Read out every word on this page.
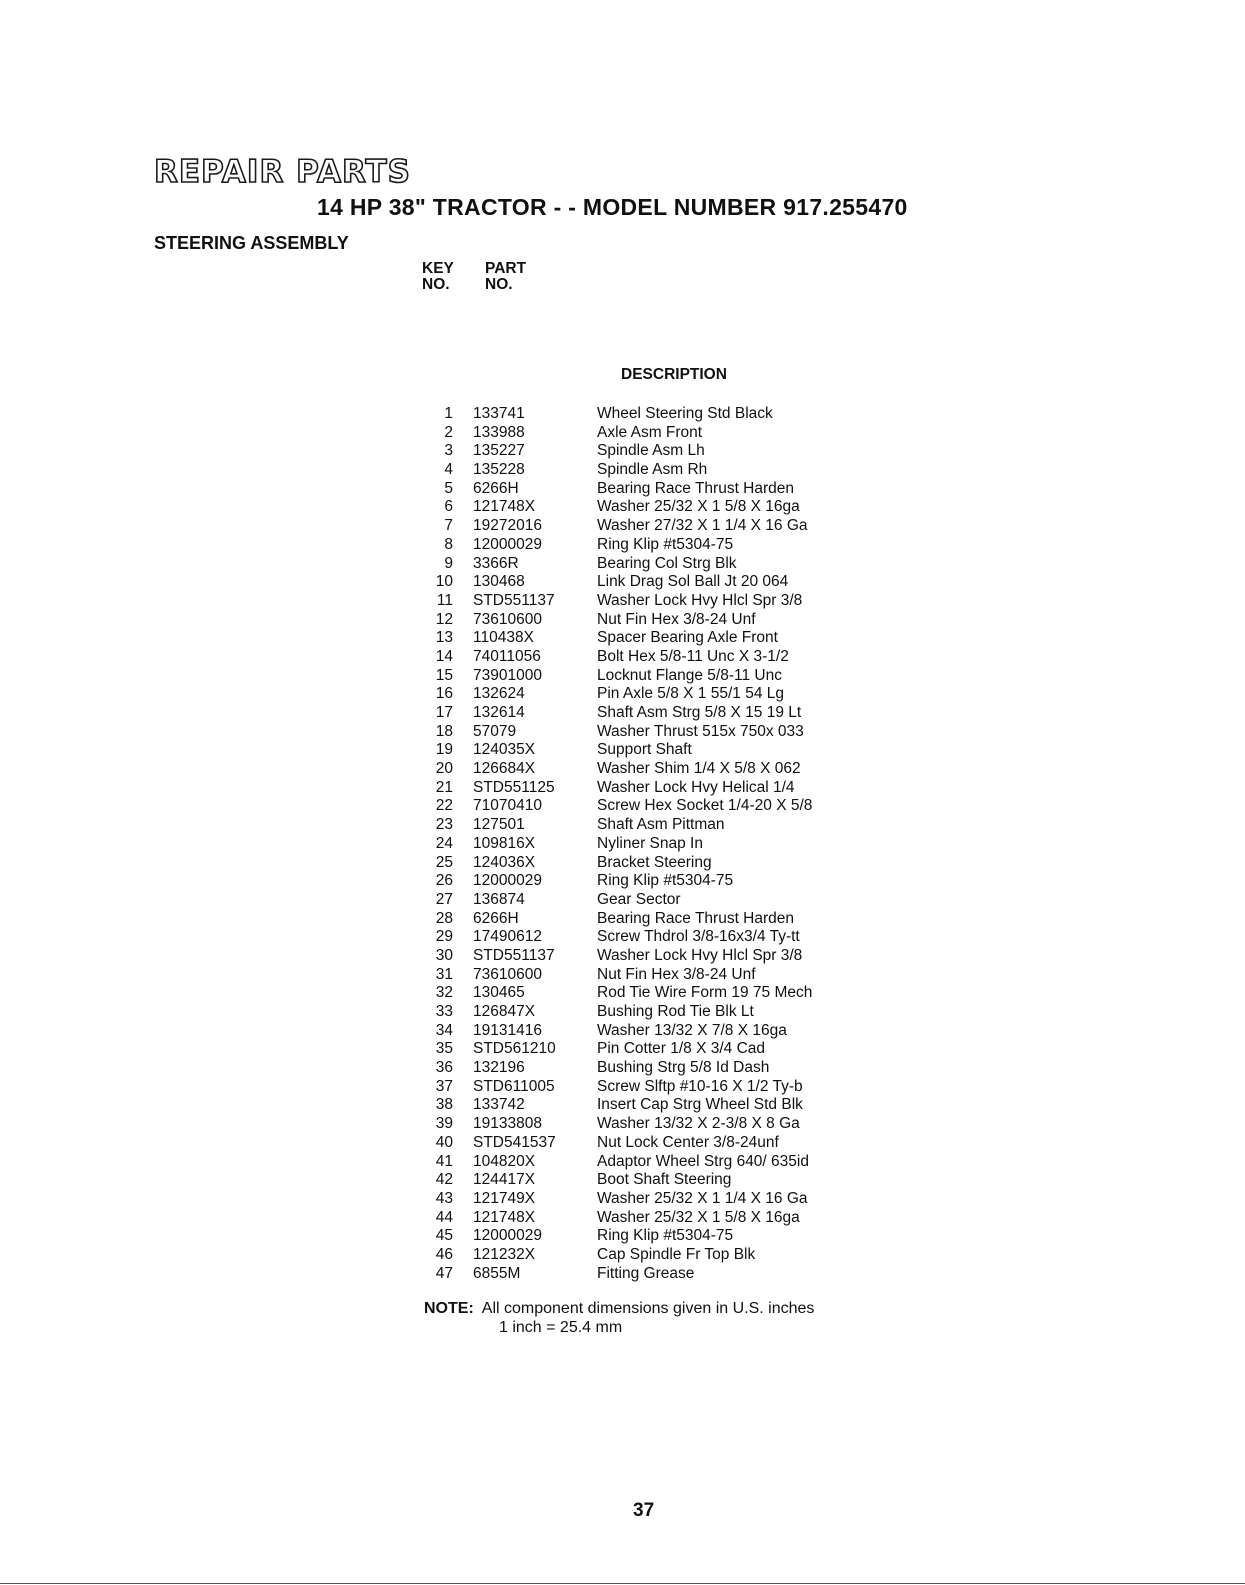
REPAIR PARTS
14 HP 38" TRACTOR - - MODEL NUMBER 917.255470
STEERING ASSEMBLY
KEY
NO.
PART
NO.
DESCRIPTION
1 133741	Wheel Steering Std Black
2 133988	Axle Asm Front
3 135227	Spindle Asm Lh
4 135228	Spindle Asm Rh
5 6266H	Bearing Race Thrust Harden
6 121748X	Washer 25/32 X 1 5/8 X 16ga
7 19272016	Washer 27/32 X 1 1/4 X 16 Ga
8 12000029	Ring Klip #t5304-75
9 3366R	Bearing Col Strg Blk
10 130468	Link Drag Sol Ball Jt 20 064
11 STD551137	Washer Lock Hvy Hlcl Spr 3/8
12 73610600	Nut Fin Hex 3/8-24 Unf
13 110438X	Spacer Bearing Axle Front
14 74011056	Bolt Hex 5/8-11 Unc X 3-1/2
15 73901000	Locknut Flange 5/8-11 Unc
16 132624	Pin Axle 5/8 X 1 55/1 54 Lg
17 132614	Shaft Asm Strg 5/8 X 15 19 Lt
18 57079	Washer Thrust 515x 750x 033
19 124035X	Support Shaft
20 126684X	Washer Shim 1/4 X 5/8 X 062
21 STD551125	Washer Lock Hvy Helical 1/4
22 71070410	Screw Hex Socket 1/4-20 X 5/8
23 127501	Shaft Asm Pittman
24 109816X	Nyliner Snap In
25 124036X	Bracket Steering
26 12000029	Ring Klip #t5304-75
27 136874	Gear Sector
28 6266H	Bearing Race Thrust Harden
29 17490612	Screw Thdrol 3/8-16x3/4 Ty-tt
30 STD551137	Washer Lock Hvy Hlcl Spr 3/8
31 73610600	Nut Fin Hex 3/8-24 Unf
32 130465	Rod Tie Wire Form 19 75 Mech
33 126847X	Bushing Rod Tie Blk Lt
34 19131416	Washer 13/32 X 7/8 X 16ga
35 STD561210	Pin Cotter 1/8 X 3/4 Cad
36 132196	Bushing Strg 5/8 Id Dash
37 STD611005	Screw Slftp #10-16 X 1/2 Ty-b
38 133742	Insert Cap Strg Wheel Std Blk
39 19133808	Washer 13/32 X 2-3/8 X 8 Ga
40 STD541537	Nut Lock Center 3/8-24unf
41 104820X	Adaptor Wheel Strg 640/ 635id
42 124417X	Boot Shaft Steering
43 121749X	Washer 25/32 X 1 1/4 X 16 Ga
44 121748X	Washer 25/32 X 1 5/8 X 16ga
45 12000029	Ring Klip #t5304-75
46 121232X	Cap Spindle Fr Top Blk
47 6855M	Fitting Grease
NOTE: All component dimensions given in U.S. inches
1 inch = 25.4 mm
37
